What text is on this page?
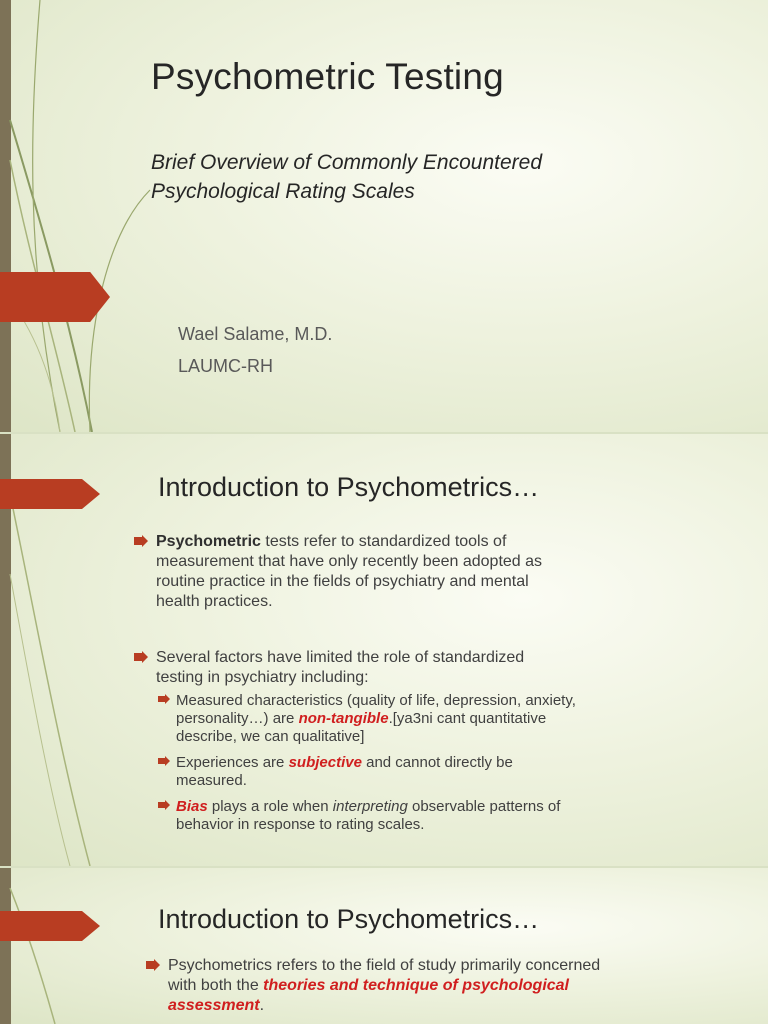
Psychometric Testing
Brief Overview of Commonly Encountered
Psychological Rating Scales
Wael Salame, M.D.
LAUMC-RH
Introduction to Psychometrics…
Psychometric tests refer to standardized tools of
measurement that have only recently been adopted as
routine practice in the fields of psychiatry and mental
health practices.
Several factors have limited the role of standardized
testing in psychiatry including:
Measured characteristics (quality of life, depression, anxiety,
personality…) are non-tangible.[ya3ni cant quantitative
describe, we can qualitative]
Experiences are subjective and cannot directly be
measured.
Bias plays a role when interpreting observable patterns of
behavior in response to rating scales.
Introduction to Psychometrics…
Psychometrics refers to the field of study primarily concerned
with both the theories and technique of psychological
assessment.
